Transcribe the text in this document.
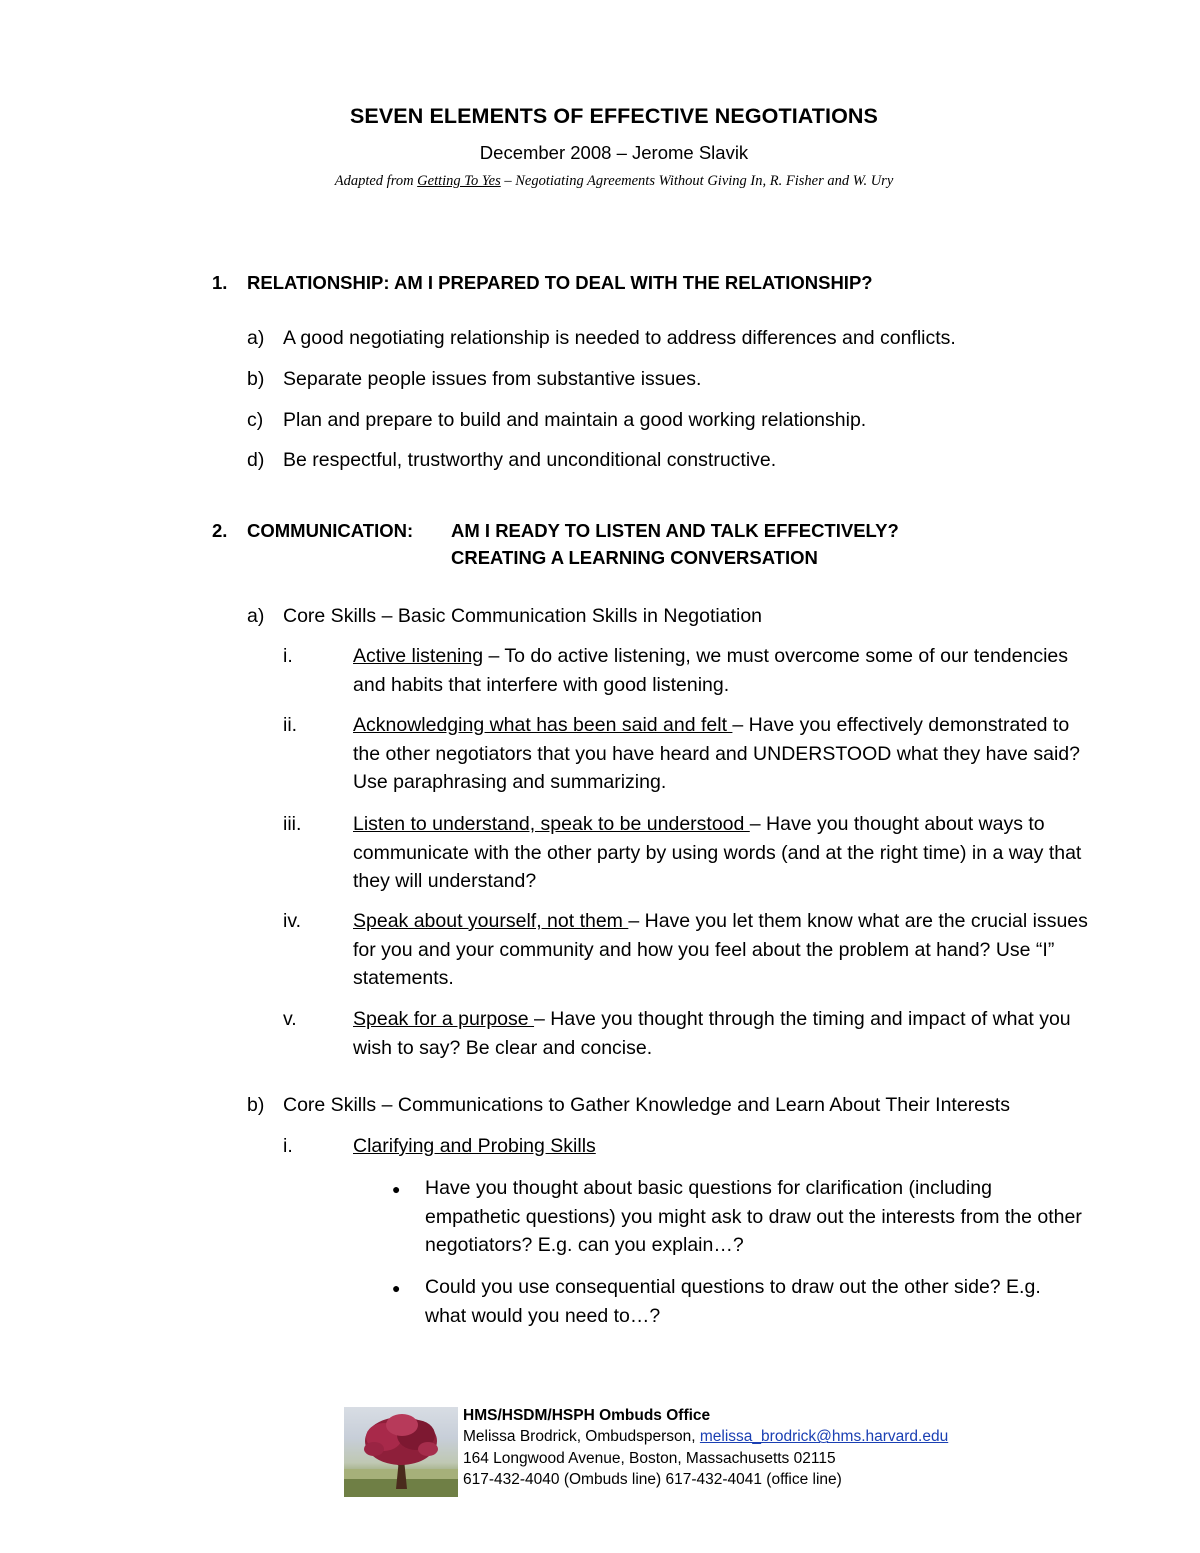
SEVEN ELEMENTS OF EFFECTIVE NEGOTIATIONS
December 2008 – Jerome Slavik
Adapted from Getting To Yes – Negotiating Agreements Without Giving In, R. Fisher and W. Ury
1. RELATIONSHIP: AM I PREPARED TO DEAL WITH THE RELATIONSHIP?
a) A good negotiating relationship is needed to address differences and conflicts.
b) Separate people issues from substantive issues.
c) Plan and prepare to build and maintain a good working relationship.
d) Be respectful, trustworthy and unconditional constructive.
2. COMMUNICATION: AM I READY TO LISTEN AND TALK EFFECTIVELY?
CREATING A LEARNING CONVERSATION
a) Core Skills – Basic Communication Skills in Negotiation
i.	Active listening – To do active listening, we must overcome some of our tendencies and habits that interfere with good listening.
ii.	Acknowledging what has been said and felt – Have you effectively demonstrated to the other negotiators that you have heard and UNDERSTOOD what they have said? Use paraphrasing and summarizing.
iii.	Listen to understand, speak to be understood – Have you thought about ways to communicate with the other party by using words (and at the right time) in a way that they will understand?
iv.	Speak about yourself, not them – Have you let them know what are the crucial issues for you and your community and how you feel about the problem at hand? Use “I” statements.
v.	Speak for a purpose – Have you thought through the timing and impact of what you wish to say? Be clear and concise.
b) Core Skills – Communications to Gather Knowledge and Learn About Their Interests
i.	Clarifying and Probing Skills
● Have you thought about basic questions for clarification (including empathetic questions) you might ask to draw out the interests from the other negotiators? E.g. can you explain…?
● Could you use consequential questions to draw out the other side? E.g. what would you need to…?
HMS/HSDM/HSPH Ombuds Office
Melissa Brodrick, Ombudsperson, melissa_brodrick@hms.harvard.edu
164 Longwood Avenue, Boston, Massachusetts 02115
617-432-4040 (Ombuds line) 617-432-4041 (office line)
